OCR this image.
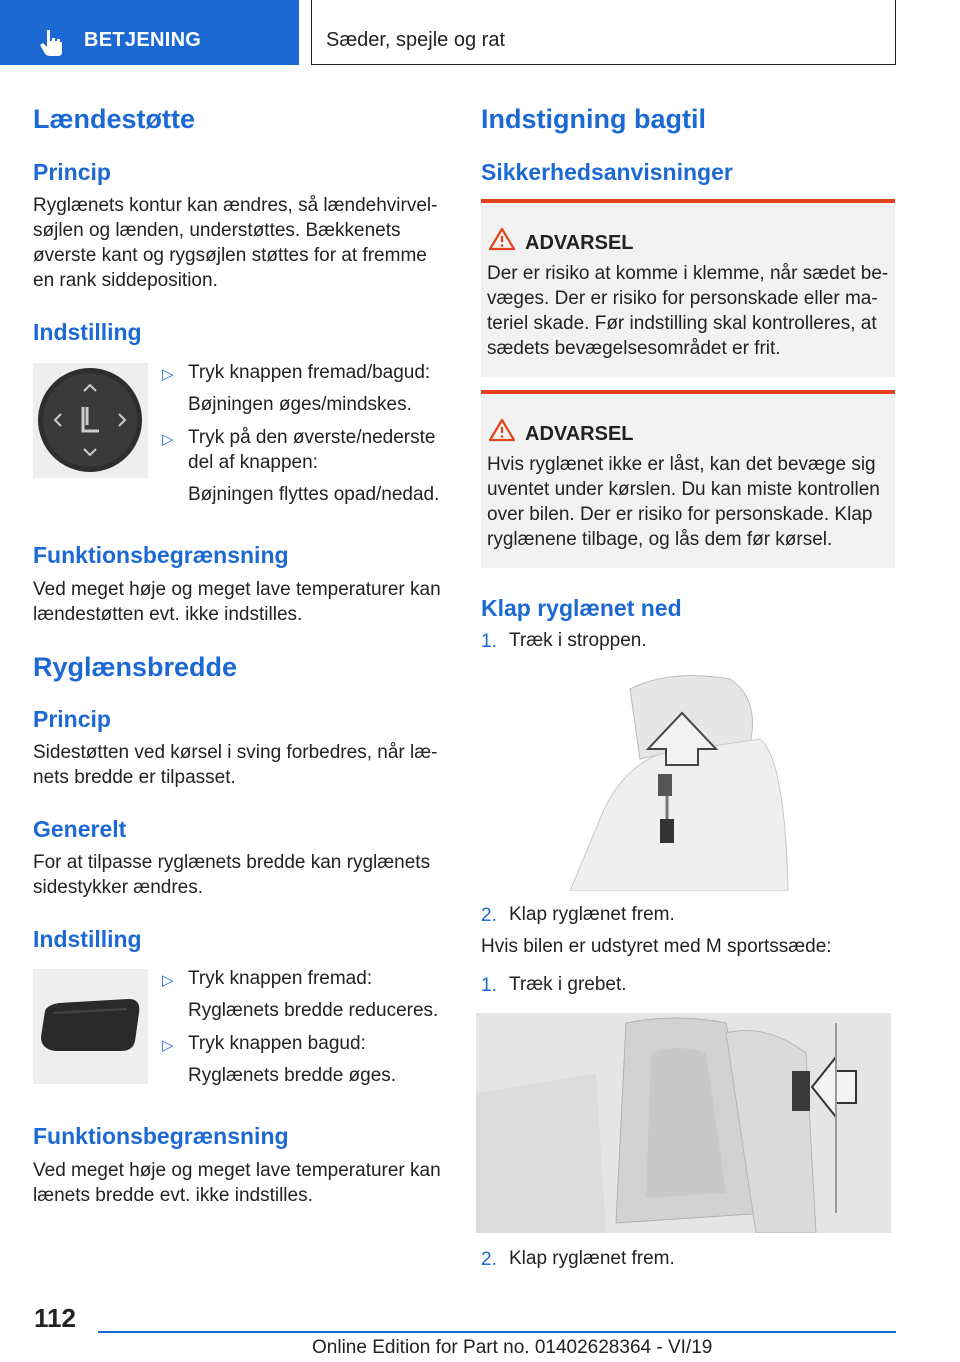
BETJENING	Sæder, spejle og rat
Lændestøtte
Princip
Ryglænets kontur kan ændres, så lændehvirvel-
søjlen og lænden, understøttes. Bækkenets
øverste kant og rygsøjlen støttes for at fremme
en rank siddeposition.
Indstilling
▷ Tryk knappen fremad/bagud:
Bøjningen øges/mindskes.
▷ Tryk på den øverste/nederste
del af knappen:
Bøjningen flyttes opad/nedad.
Funktionsbegrænsning
Ved meget høje og meget lave temperaturer kan
lændestøtten evt. ikke indstilles.
Ryglænsbredde
Princip
Sidestøtten ved kørsel i sving forbedres, når læ-
nets bredde er tilpasset.
Generelt
For at tilpasse ryglænets bredde kan ryglænets
sidestykker ændres.
Indstilling
▷ Tryk knappen fremad:
Ryglænets bredde reduceres.
▷ Tryk knappen bagud:
Ryglænets bredde øges.
Funktionsbegrænsning
Ved meget høje og meget lave temperaturer kan
lænets bredde evt. ikke indstilles.
Indstigning bagtil
Sikkerhedsanvisninger
ADVARSEL
Der er risiko at komme i klemme, når sædet be-
væges. Der er risiko for personskade eller ma-
teriel skade. Før indstilling skal kontrolleres, at
sædets bevægelsesområdet er frit.
ADVARSEL
Hvis ryglænet ikke er låst, kan det bevæge sig
uventet under kørslen. Du kan miste kontrollen
over bilen. Der er risiko for personskade. Klap
ryglænene tilbage, og lås dem før kørsel.
Klap ryglænet ned
1. Træk i stroppen.
2. Klap ryglænet frem.
Hvis bilen er udstyret med M sportssæde:
1. Træk i grebet.
2. Klap ryglænet frem.
112
Online Edition for Part no. 01402628364 - VI/19
